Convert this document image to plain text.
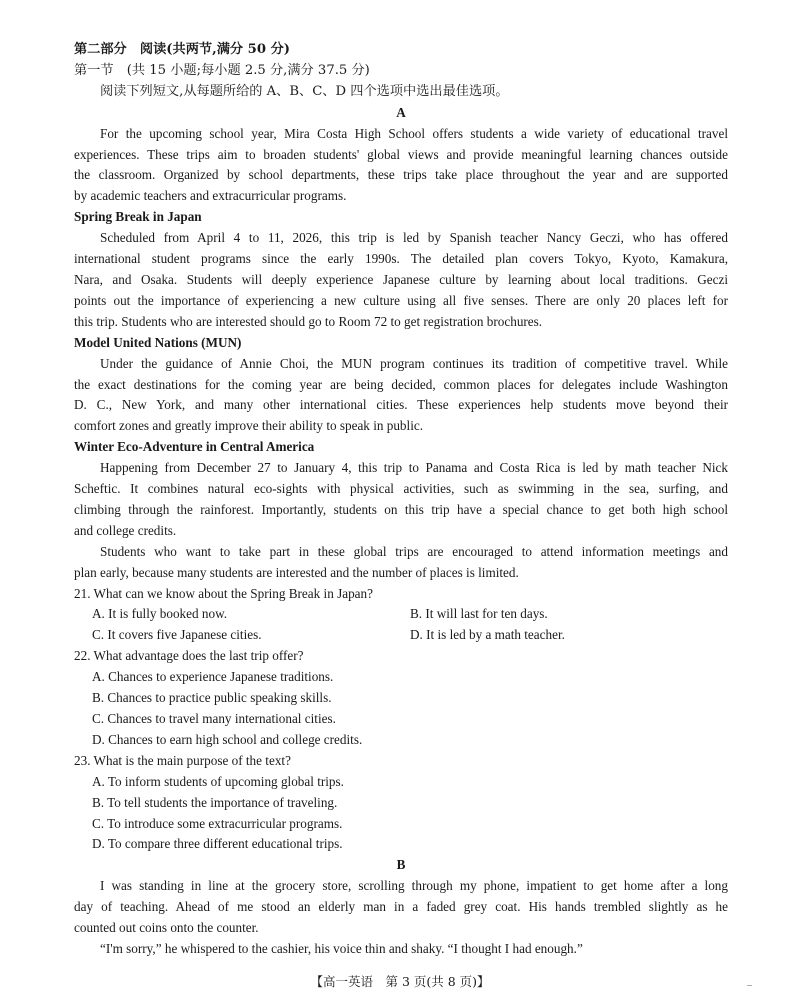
第二部分　阅读(共两节,满分 50 分)
第一节　(共 15 小题;每小题 2.5 分,满分 37.5 分)
阅读下列短文,从每题所给的 A、B、C、D 四个选项中选出最佳选项。
A
For the upcoming school year, Mira Costa High School offers students a wide variety of educational travel
experiences. These trips aim to broaden students' global views and provide meaningful learning chances outside
the classroom. Organized by school departments, these trips take place throughout the year and are supported
by academic teachers and extracurricular programs.
Spring Break in Japan
Scheduled from April 4 to 11, 2026, this trip is led by Spanish teacher Nancy Geczi, who has offered
international student programs since the early 1990s. The detailed plan covers Tokyo, Kyoto, Kamakura,
Nara, and Osaka. Students will deeply experience Japanese culture by learning about local traditions. Geczi
points out the importance of experiencing a new culture using all five senses. There are only 20 places left for
this trip. Students who are interested should go to Room 72 to get registration brochures.
Model United Nations (MUN)
Under the guidance of Annie Choi, the MUN program continues its tradition of competitive travel. While
the exact destinations for the coming year are being decided, common places for delegates include Washington
D. C., New York, and many other international cities. These experiences help students move beyond their
comfort zones and greatly improve their ability to speak in public.
Winter Eco-Adventure in Central America
Happening from December 27 to January 4, this trip to Panama and Costa Rica is led by math teacher Nick
Scheftic. It combines natural eco-sights with physical activities, such as swimming in the sea, surfing, and
climbing through the rainforest. Importantly, students on this trip have a special chance to get both high school
and college credits.
Students who want to take part in these global trips are encouraged to attend information meetings and
plan early, because many students are interested and the number of places is limited.
21. What can we know about the Spring Break in Japan?
A. It is fully booked now.	B. It will last for ten days.
C. It covers five Japanese cities.	D. It is led by a math teacher.
22. What advantage does the last trip offer?
A. Chances to experience Japanese traditions.
B. Chances to practice public speaking skills.
C. Chances to travel many international cities.
D. Chances to earn high school and college credits.
23. What is the main purpose of the text?
A. To inform students of upcoming global trips.
B. To tell students the importance of traveling.
C. To introduce some extracurricular programs.
D. To compare three different educational trips.
B
I was standing in line at the grocery store, scrolling through my phone, impatient to get home after a long
day of teaching. Ahead of me stood an elderly man in a faded grey coat. His hands trembled slightly as he
counted out coins onto the counter.
“I'm sorry,” he whispered to the cashier, his voice thin and shaky. “I thought I had enough.”
【高一英语　第 3 页(共 8 页)】	–
